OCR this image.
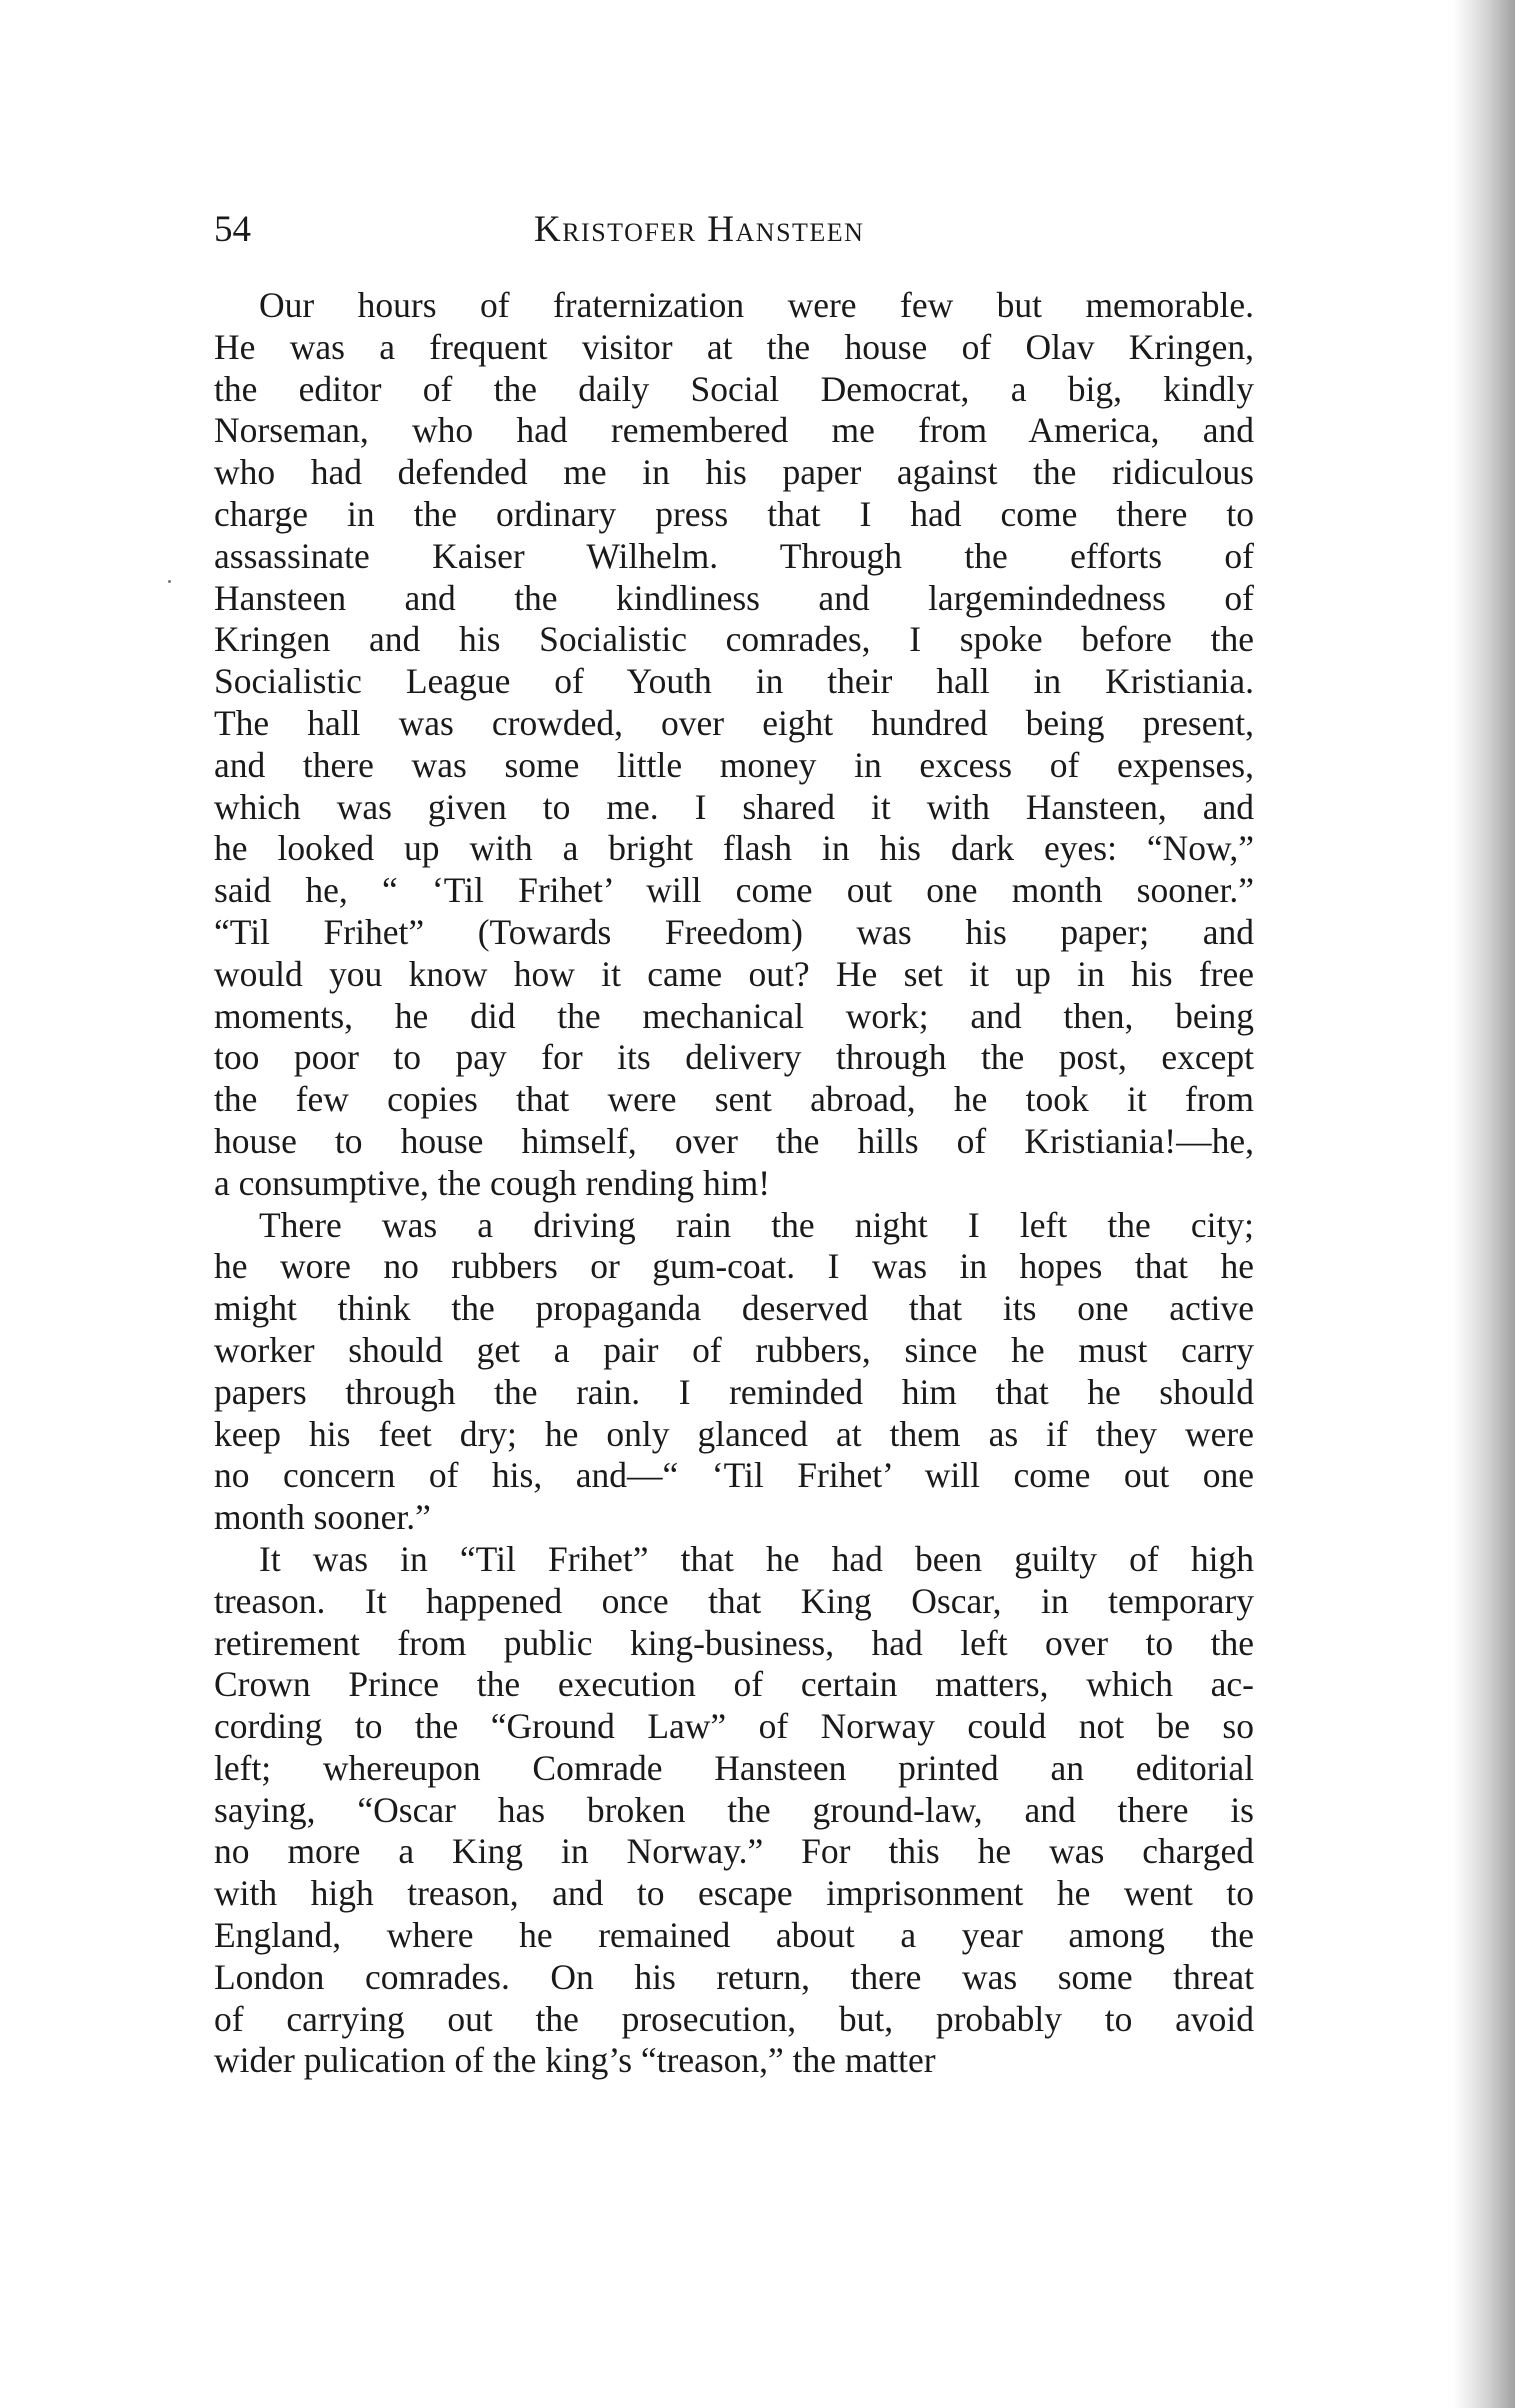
54	Kristofer Hansteen
Our hours of fraternization were few but memorable.
He was a frequent visitor at the house of Olav Kringen,
the editor of the daily Social Democrat, a big, kindly
Norseman, who had remembered me from America, and
who had defended me in his paper against the ridiculous
charge in the ordinary press that I had come there to
assassinate Kaiser Wilhelm. Through the efforts of
Hansteen and the kindliness and largemindedness of
Kringen and his Socialistic comrades, I spoke before the
Socialistic League of Youth in their hall in Kristiania.
The hall was crowded, over eight hundred being present,
and there was some little money in excess of expenses,
which was given to me. I shared it with Hansteen, and
he looked up with a bright flash in his dark eyes: “Now,”
said he, “ ‘Til Frihet’ will come out one month sooner.”
“Til Frihet” (Towards Freedom) was his paper; and
would you know how it came out? He set it up in his free
moments, he did the mechanical work; and then, being
too poor to pay for its delivery through the post, except
the few copies that were sent abroad, he took it from
house to house himself, over the hills of Kristiania!—he,
a consumptive, the cough rending him!
There was a driving rain the night I left the city;
he wore no rubbers or gum-coat. I was in hopes that he
might think the propaganda deserved that its one active
worker should get a pair of rubbers, since he must carry
papers through the rain. I reminded him that he should
keep his feet dry; he only glanced at them as if they were
no concern of his, and—“ ‘Til Frihet’ will come out one
month sooner.”
It was in “Til Frihet” that he had been guilty of high
treason. It happened once that King Oscar, in temporary
retirement from public king-business, had left over to the
Crown Prince the execution of certain matters, which ac-
cording to the “Ground Law” of Norway could not be so
left; whereupon Comrade Hansteen printed an editorial
saying, “Oscar has broken the ground-law, and there is
no more a King in Norway.” For this he was charged
with high treason, and to escape imprisonment he went to
England, where he remained about a year among the
London comrades. On his return, there was some threat
of carrying out the prosecution, but, probably to avoid
wider pulication of the king’s “treason,” the matter
